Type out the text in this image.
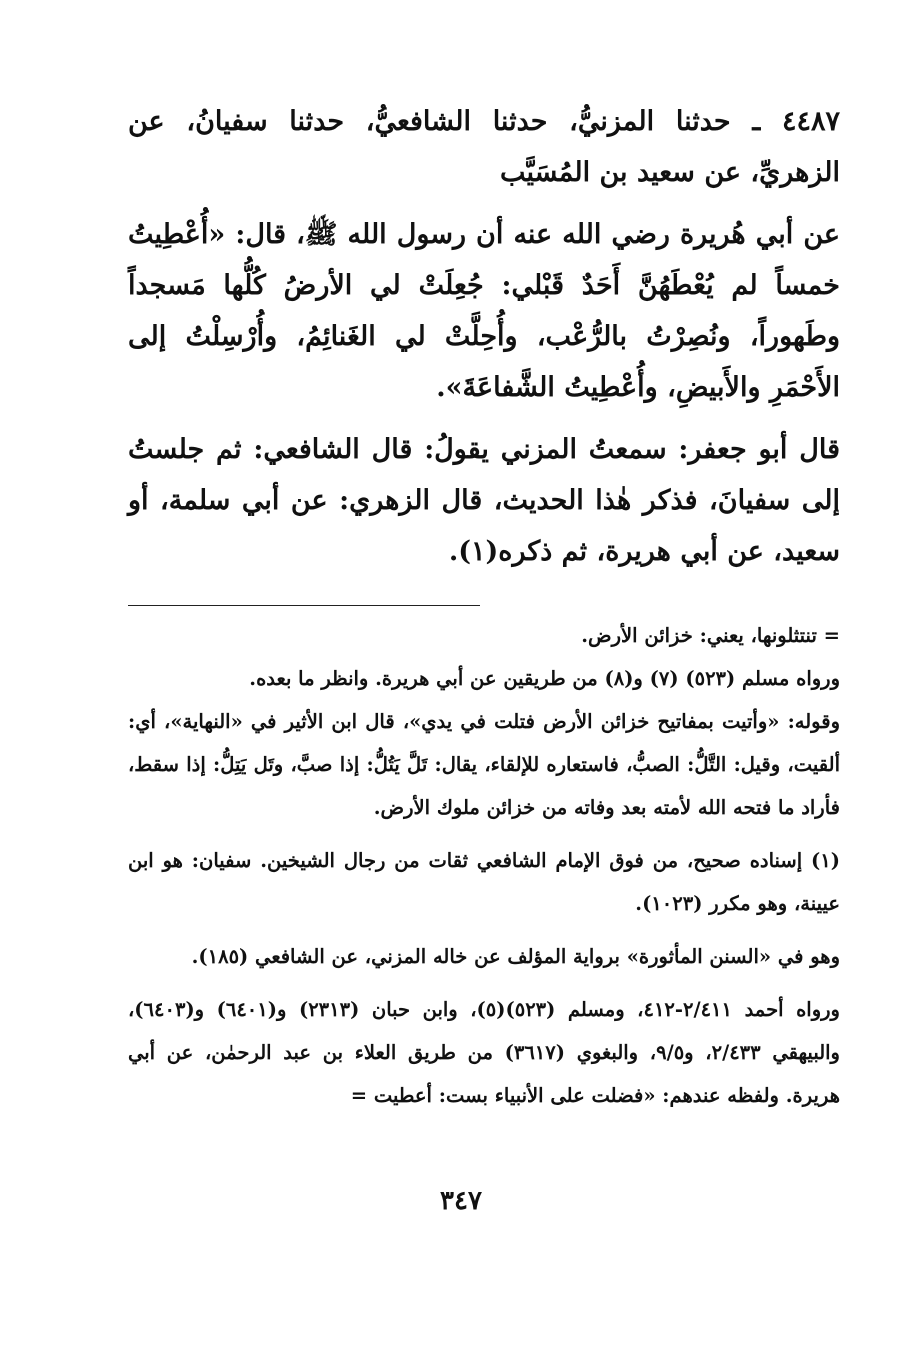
٤٤٨٧ ـ حدثنا المزنيُّ، حدثنا الشافعيُّ، حدثنا سفيانُ، عن الزهريِّ، عن سعيد بن المُسَيَّب

عن أبي هُريرة رضي الله عنه أن رسول الله ﷺ، قال: «أُعْطِيتُ خمساً لم يُعْطَهُنَّ أَحَدٌ قَبْلي: جُعِلَتْ لي الأرضُ كُلُّها مَسجداً وطَهوراً، ونُصِرْتُ بالرُّعْب، وأُحِلَّتْ لي الغَنائِمُ، وأُرْسِلْتُ إلى الأَحْمَرِ والأَبيضِ، وأُعْطِيتُ الشَّفاعَةَ».

قال أبو جعفر: سمعتُ المزني يقولُ: قال الشافعي: ثم جلستُ إلى سفيانَ، فذكر هٰذا الحديث، قال الزهري: عن أبي سلمة، أو سعيد، عن أبي هريرة، ثم ذكره(١).

= تنتثلونها، يعني: خزائن الأرض.

ورواه مسلم (٥٢٣) (٧) و(٨) من طريقين عن أبي هريرة. وانظر ما بعده.

وقوله: «وأتيت بمفاتيح خزائن الأرض فتلت في يدي»، قال ابن الأثير في «النهاية»، أي: ألقيت، وقيل: التَّلُّ: الصبُّ، فاستعاره للإلقاء، يقال: تَلَّ يَتُلُّ: إذا صبَّ، وتَل يَتِلُّ: إذا سقط، فأراد ما فتحه الله لأمته بعد وفاته من خزائن ملوك الأرض.

(١) إسناده صحيح، من فوق الإمام الشافعي ثقات من رجال الشيخين. سفيان: هو ابن عيينة، وهو مكرر (١٠٢٣).

وهو في «السنن المأثورة» برواية المؤلف عن خاله المزني، عن الشافعي (١٨٥).

ورواه أحمد ٢/٤١١-٤١٢، ومسلم (٥٢٣)(٥)، وابن حبان (٢٣١٣) و(٦٤٠١) و(٦٤٠٣)، والبيهقي ٢/٤٣٣، و٩/٥، والبغوي (٣٦١٧) من طريق العلاء بن عبد الرحمٰن، عن أبي هريرة. ولفظه عندهم: «فضلت على الأنبياء بست: أعطيت =

٣٤٧
